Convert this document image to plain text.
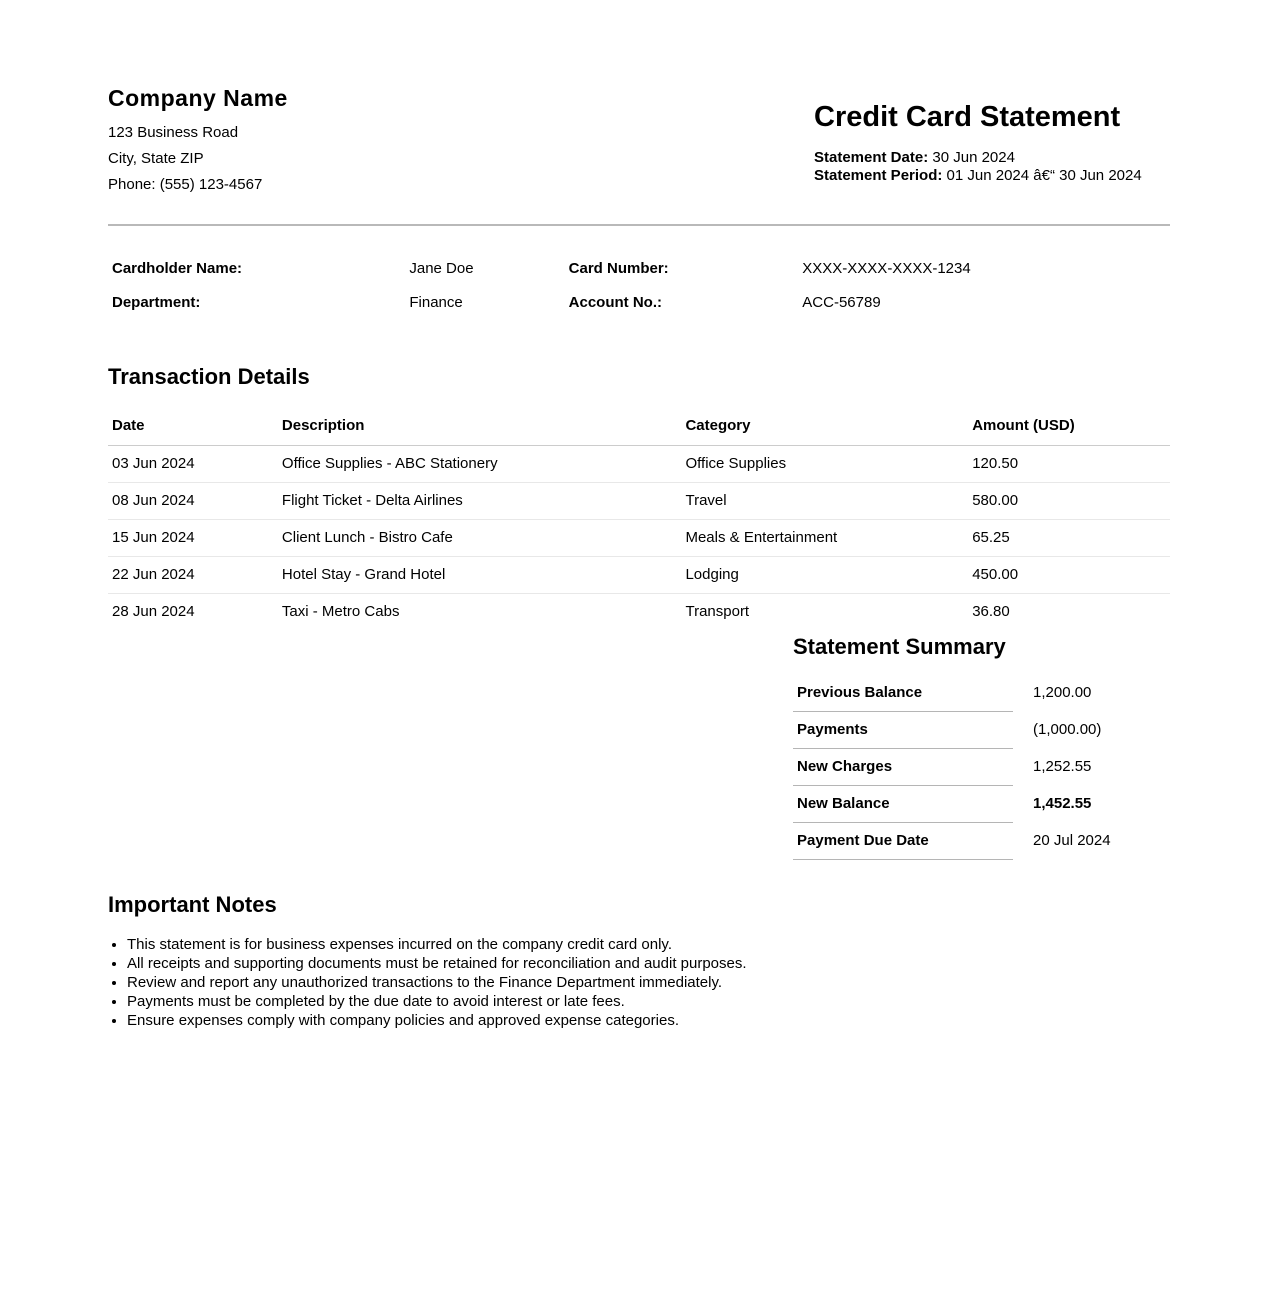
Company Name

123 Business Road

City, State ZIP

Phone: (555) 123-4567

Credit Card Statement

Statement Date: 30 Jun 2024

Statement Period: 01 Jun 2024 â€“ 30 Jun 2024

Cardholder Name:	Jane Doe	Card Number:	XXXX-XXXX-XXXX-1234
Department:	Finance	Account No.:	ACC-56789
Transaction Details
Date	Description	Category	Amount (USD)
03 Jun 2024	Office Supplies - ABC Stationery	Office Supplies	120.50
08 Jun 2024	Flight Ticket - Delta Airlines	Travel	580.00
15 Jun 2024	Client Lunch - Bistro Cafe	Meals & Entertainment	65.25
22 Jun 2024	Hotel Stay - Grand Hotel	Lodging	450.00
28 Jun 2024	Taxi - Metro Cabs	Transport	36.80
Statement Summary
Previous Balance	1,200.00
Payments	(1,000.00)
New Charges	1,252.55
New Balance	1,452.55
Payment Due Date	20 Jul 2024
Important Notes
• This statement is for business expenses incurred on the company credit card only.
• All receipts and supporting documents must be retained for reconciliation and audit purposes.
• Review and report any unauthorized transactions to the Finance Department immediately.
• Payments must be completed by the due date to avoid interest or late fees.
• Ensure expenses comply with company policies and approved expense categories.
